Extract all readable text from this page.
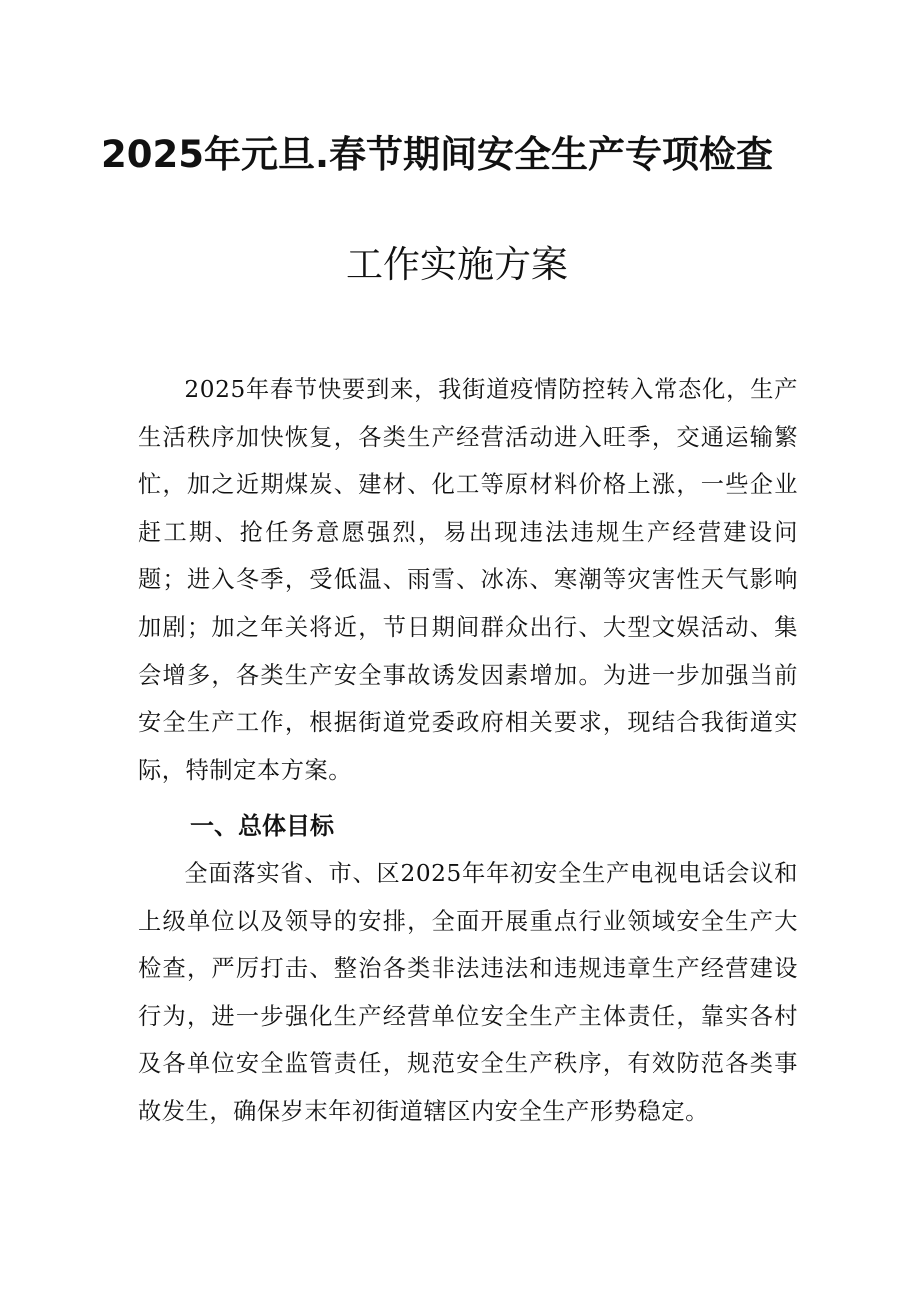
2025年元旦.春节期间安全生产专项检查
工作实施方案

2025年春节快要到来，我街道疫情防控转入常态化，生产生活秩序加快恢复，各类生产经营活动进入旺季，交通运输繁忙，加之近期煤炭、建材、化工等原材料价格上涨，一些企业赶工期、抢任务意愿强烈，易出现违法违规生产经营建设问题；进入冬季，受低温、雨雪、冰冻、寒潮等灾害性天气影响加剧；加之年关将近，节日期间群众出行、大型文娱活动、集会增多，各类生产安全事故诱发因素增加。为进一步加强当前安全生产工作，根据街道党委政府相关要求，现结合我街道实际，特制定本方案。

一、总体目标

全面落实省、市、区2025年年初安全生产电视电话会议和上级单位以及领导的安排，全面开展重点行业领域安全生产大检查，严厉打击、整治各类非法违法和违规违章生产经营建设行为，进一步强化生产经营单位安全生产主体责任，靠实各村及各单位安全监管责任，规范安全生产秩序，有效防范各类事故发生，确保岁末年初街道辖区内安全生产形势稳定。
